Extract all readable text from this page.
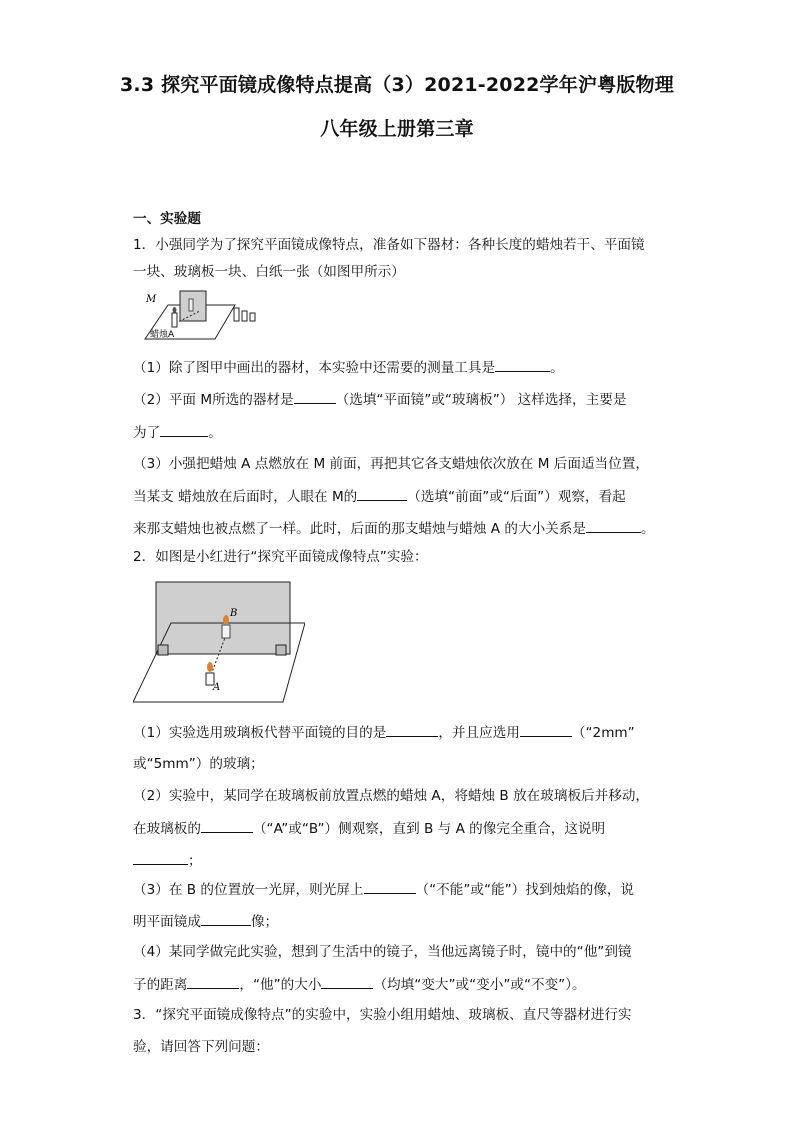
3.3 探究平面镜成像特点提高（3）2021-2022学年沪粤版物理
八年级上册第三章
一、实验题
1．小强同学为了探究平面镜成像特点，准备如下器材：各种长度的蜡烛若干、平面镜
一块、玻璃板一块、白纸一张（如图甲所示）
M
蜡烛A
（1）除了图甲中画出的器材，本实验中还需要的测量工具是	。
（2）平面 M所选的器材是	（选填“平面镜”或“玻璃板”） 这样选择，主要是
为了	。
（3）小强把蜡烛 A 点燃放在 M 前面，再把其它各支蜡烛依次放在 M 后面适当位置，
当某支 蜡烛放在后面时，人眼在 M的	（选填“前面”或“后面”）观察，看起
来那支蜡烛也被点燃了一样。此时，后面的那支蜡烛与蜡烛 A 的大小关系是	。
2．如图是小红进行“探究平面镜成像特点”实验：
B
A
（1）实验选用玻璃板代替平面镜的目的是	，并且应选用	（“2mm”
或“5mm”）的玻璃；
（2）实验中，某同学在玻璃板前放置点燃的蜡烛 A，将蜡烛 B 放在玻璃板后并移动，
在玻璃板的	（“A”或“B”）侧观察，直到 B 与 A 的像完全重合，这说明
；
（3）在 B 的位置放一光屏，则光屏上	（“不能”或“能”）找到烛焰的像，说
明平面镜成	像；
（4）某同学做完此实验，想到了生活中的镜子，当他远离镜子时，镜中的“他”到镜
子的距离	，“他”的大小	（均填“变大”或“变小”或“不变”）。
3．“探究平面镜成像特点”的实验中，实验小组用蜡烛、玻璃板、直尺等器材进行实
验，请回答下列问题：
